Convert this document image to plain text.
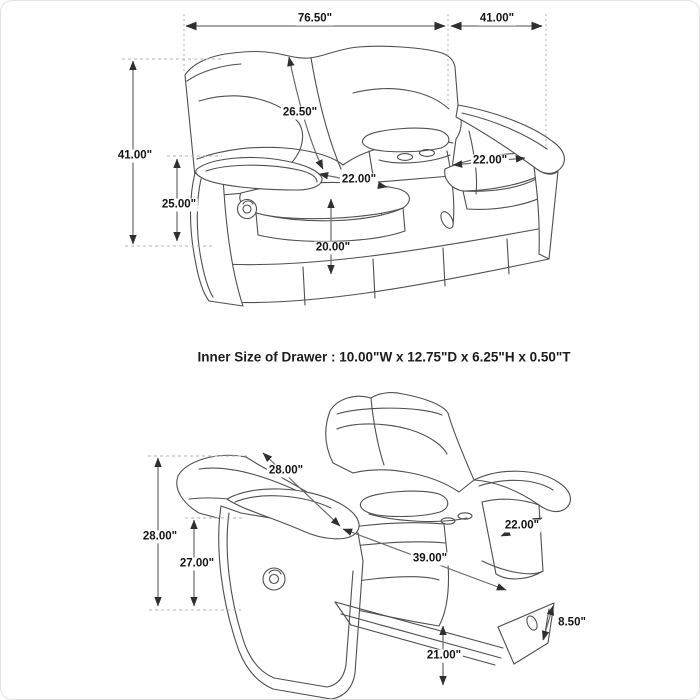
76.50"	41.00"
41.00"
25.00"
26.50"
22.00"
22.00"
20.00"
Inner Size of Drawer : 10.00"W x 12.75"D x 6.25"H x 0.50"T
28.00"
28.00"
27.00"
22.00"
39.00"
8.50"
21.00"
